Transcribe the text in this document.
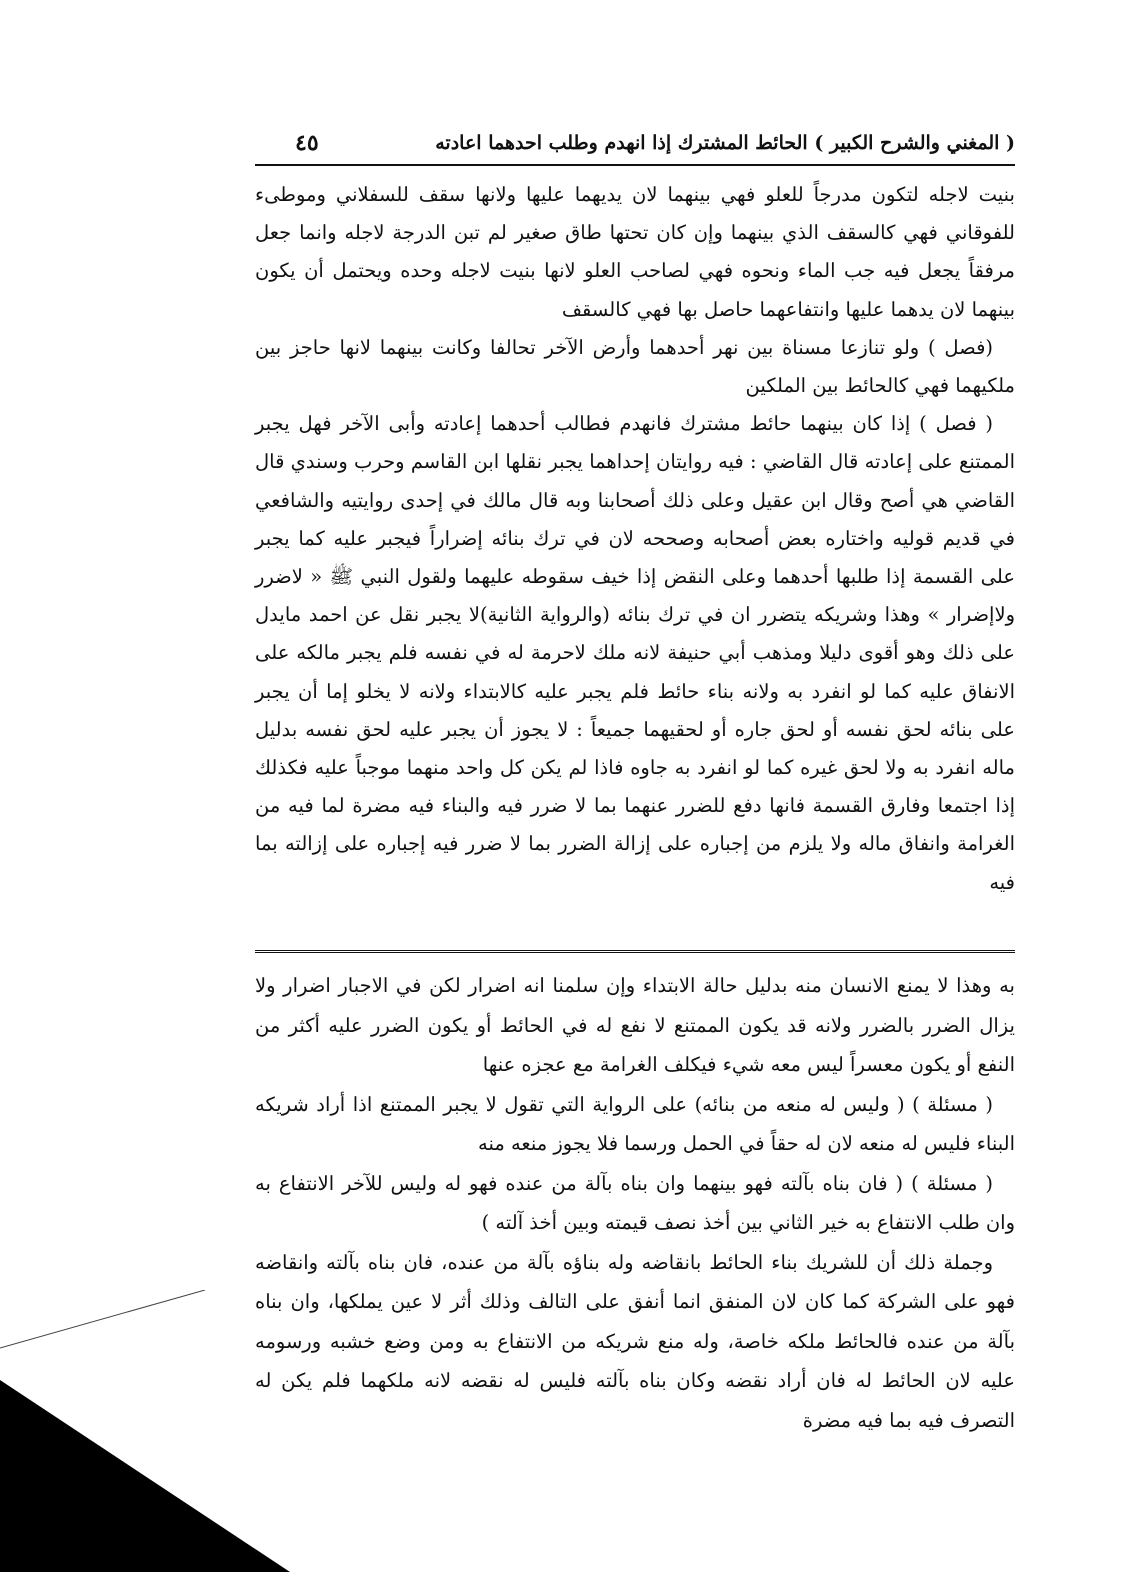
( المغني والشرح الكبير ) الحائط المشترك إذا انهدم وطلب احدهما اعادته
٤٥

بنيت لاجله لتكون مدرجاً للعلو فهي بينهما لان يديهما عليها ولانها سقف للسفلاني وموطىء للفوقاني فهي كالسقف الذي بينهما وإن كان تحتها طاق صغير لم تبن الدرجة لاجله وانما جعل مرفقاً يجعل فيه جب الماء ونحوه فهي لصاحب العلو لانها بنيت لاجله وحده ويحتمل أن يكون بينهما لان يدهما عليها وانتفاعهما حاصل بها فهي كالسقف

(فصل ) ولو تنازعا مسناة بين نهر أحدهما وأرض الآخر تحالفا وكانت بينهما لانها حاجز بين ملكيهما فهي كالحائط بين الملكين

( فصل ) إذا كان بينهما حائط مشترك فانهدم فطالب أحدهما إعادته وأبى الآخر فهل يجبر الممتنع على إعادته قال القاضي : فيه روايتان إحداهما يجبر نقلها ابن القاسم وحرب وسندي قال القاضي هي أصح وقال ابن عقيل وعلى ذلك أصحابنا وبه قال مالك في إحدى روايتيه والشافعي في قديم قوليه واختاره بعض أصحابه وصححه لان في ترك بنائه إضراراً فيجبر عليه كما يجبر على القسمة إذا طلبها أحدهما وعلى النقض إذا خيف سقوطه عليهما ولقول النبي ﷺ « لاضرر ولاإضرار » وهذا وشريكه يتضرر ان في ترك بنائه (والرواية الثانية)لا يجبر نقل عن احمد مايدل على ذلك وهو أقوى دليلا ومذهب أبي حنيفة لانه ملك لاحرمة له في نفسه فلم يجبر مالكه على الانفاق عليه كما لو انفرد به ولانه بناء حائط فلم يجبر عليه كالابتداء ولانه لا يخلو إما أن يجبر على بنائه لحق نفسه أو لحق جاره أو لحقيهما جميعاً : لا يجوز أن يجبر عليه لحق نفسه بدليل ماله انفرد به ولا لحق غيره كما لو انفرد به جاوه فاذا لم يكن كل واحد منهما موجباً عليه فكذلك إذا اجتمعا وفارق القسمة فانها دفع للضرر عنهما بما لا ضرر فيه والبناء فيه مضرة لما فيه من الغرامة وانفاق ماله ولا يلزم من إجباره على إزالة الضرر بما لا ضرر فيه إجباره على إزالته بما فيه

به وهذا لا يمنع الانسان منه بدليل حالة الابتداء وإن سلمنا انه اضرار لكن في الاجبار اضرار ولا يزال الضرر بالضرر ولانه قد يكون الممتنع لا نفع له في الحائط أو يكون الضرر عليه أكثر من النفع أو يكون معسراً ليس معه شيء فيكلف الغرامة مع عجزه عنها

( مسئلة ) ( وليس له منعه من بنائه) على الرواية التي تقول لا يجبر الممتنع اذا أراد شريكه البناء فليس له منعه لان له حقاً في الحمل ورسما فلا يجوز منعه منه

( مسئلة ) ( فان بناه بآلته فهو بينهما وان بناه بآلة من عنده فهو له وليس للآخر الانتفاع به وان طلب الانتفاع به خير الثاني بين أخذ نصف قيمته وبين أخذ آلته )

وجملة ذلك أن للشريك بناء الحائط بانقاضه وله بناؤه بآلة من عنده، فان بناه بآلته وانقاضه فهو على الشركة كما كان لان المنفق انما أنفق على التالف وذلك أثر لا عين يملكها، وان بناه بآلة من عنده فالحائط ملكه خاصة، وله منع شريكه من الانتفاع به ومن وضع خشبه ورسومه عليه لان الحائط له فان أراد نقضه وكان بناه بآلته فليس له نقضه لانه ملكهما فلم يكن له التصرف فيه بما فيه مضرة
